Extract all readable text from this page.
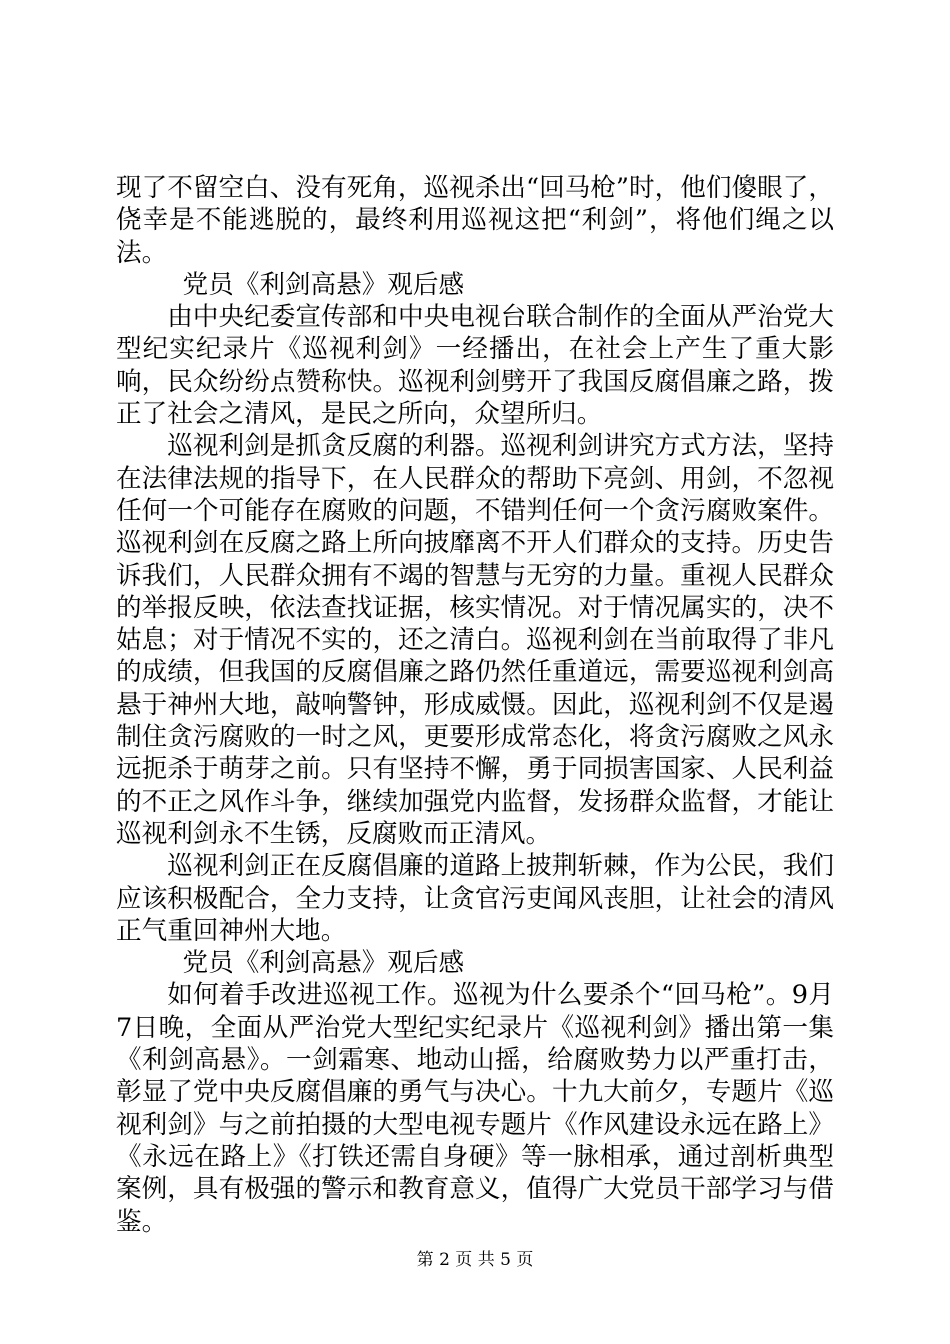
现了不留空白、没有死角，巡视杀出“回马枪”时，他们傻眼了，侥幸是不能逃脱的，最终利用巡视这把“利剑”，将他们绳之以法。

党员《利剑高悬》观后感

由中央纪委宣传部和中央电视台联合制作的全面从严治党大型纪实纪录片《巡视利剑》一经播出，在社会上产生了重大影响，民众纷纷点赞称快。巡视利剑劈开了我国反腐倡廉之路，拨正了社会之清风，是民之所向，众望所归。

巡视利剑是抓贪反腐的利器。巡视利剑讲究方式方法，坚持在法律法规的指导下，在人民群众的帮助下亮剑、用剑，不忽视任何一个可能存在腐败的问题，不错判任何一个贪污腐败案件。巡视利剑在反腐之路上所向披靡离不开人们群众的支持。历史告诉我们，人民群众拥有不竭的智慧与无穷的力量。重视人民群众的举报反映，依法查找证据，核实情况。对于情况属实的，决不姑息；对于情况不实的，还之清白。巡视利剑在当前取得了非凡的成绩，但我国的反腐倡廉之路仍然任重道远，需要巡视利剑高悬于神州大地，敲响警钟，形成威慑。因此，巡视利剑不仅是遏制住贪污腐败的一时之风，更要形成常态化，将贪污腐败之风永远扼杀于萌芽之前。只有坚持不懈，勇于同损害国家、人民利益的不正之风作斗争，继续加强党内监督，发扬群众监督，才能让巡视利剑永不生锈，反腐败而正清风。

巡视利剑正在反腐倡廉的道路上披荆斩棘，作为公民，我们应该积极配合，全力支持，让贪官污吏闻风丧胆，让社会的清风正气重回神州大地。

党员《利剑高悬》观后感

如何着手改进巡视工作。巡视为什么要杀个“回马枪”。9月7日晚，全面从严治党大型纪实纪录片《巡视利剑》播出第一集《利剑高悬》。一剑霜寒、地动山摇，给腐败势力以严重打击，彰显了党中央反腐倡廉的勇气与决心。十九大前夕，专题片《巡视利剑》与之前拍摄的大型电视专题片《作风建设永远在路上》《永远在路上》《打铁还需自身硬》等一脉相承，通过剖析典型案例，具有极强的警示和教育意义，值得广大党员干部学习与借鉴。

第 2 页 共 5 页
